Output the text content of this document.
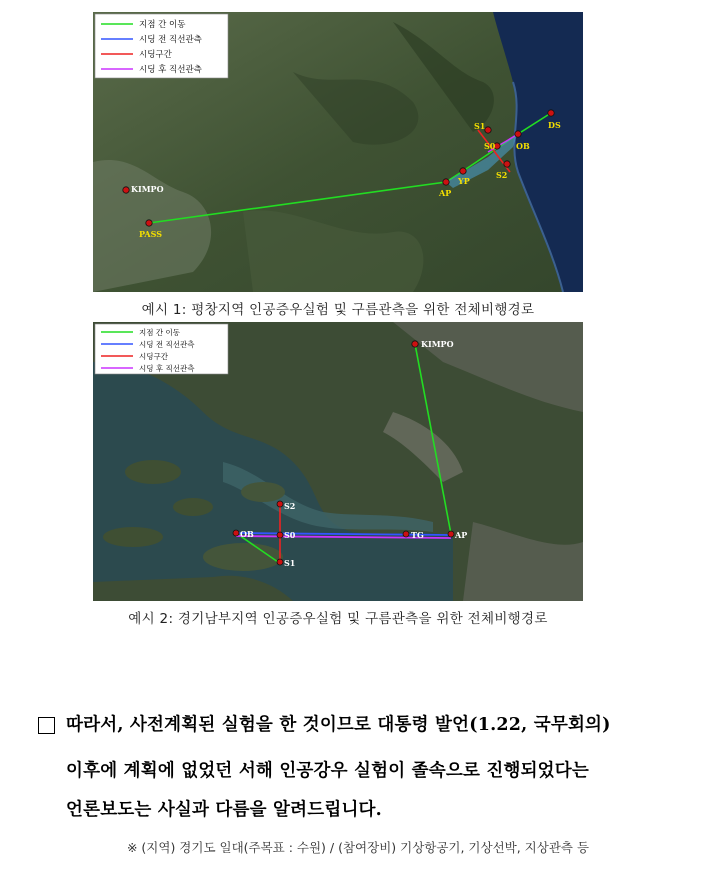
지점 간 이동
시딩 전 직선관측
시딩구간
시딩 후 직선관측
KIMPO
PASS
AP
YP
S1
S0
S2
OB
DS
예시 1: 평창지역 인공증우실험 및 구름관측을 위한 전체비행경로
지점 간 이동
시딩 전 직선관측
시딩구간
시딩 후 직선관측
KIMPO
S2
OB	S0
S1
TG	AP
예시 2: 경기남부지역 인공증우실험 및 구름관측을 위한 전체비행경로
따라서, 사전계획된 실험을 한 것이므로 대통령 발언(1.22, 국무회의)
이후에 계획에 없었던 서해 인공강우 실험이 졸속으로 진행되었다는
언론보도는 사실과 다름을 알려드립니다.
※ (지역) 경기도 일대(주목표 : 수원) / (참여장비) 기상항공기, 기상선박, 지상관측 등
